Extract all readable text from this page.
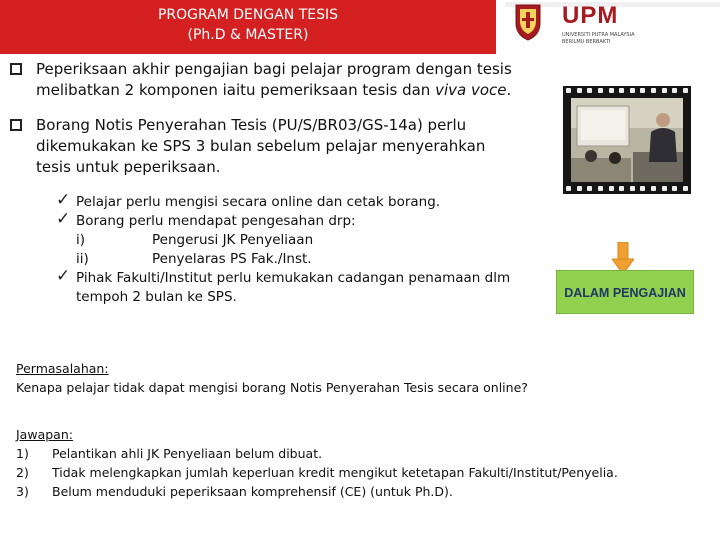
PROGRAM DENGAN TESIS
(Ph.D & MASTER)
UPM
UNIVERSITI PUTRA MALAYSIA
BERILMU BERBAKTI
Peperiksaan akhir pengajian bagi pelajar program dengan tesis
melibatkan 2 komponen iaitu pemeriksaan tesis dan viva voce.
Borang Notis Penyerahan Tesis (PU/S/BR03/GS-14a) perlu
dikemukakan ke SPS 3 bulan sebelum pelajar menyerahkan
tesis untuk peperiksaan.
✓ Pelajar perlu mengisi secara online dan cetak borang.
✓ Borang perlu mendapat pengesahan drp:
i)	Pengerusi JK Penyeliaan
ii)	Penyelaras PS Fak./Inst.
✓ Pihak Fakulti/Institut perlu kemukakan cadangan penamaan dlm
tempoh 2 bulan ke SPS.
PEPERIKSAAN TESIS &
VIVA VOCE
DALAM PENGAJIAN
Permasalahan:
Kenapa pelajar tidak dapat mengisi borang Notis Penyerahan Tesis secara online?
Jawapan:
1) Pelantikan ahli JK Penyeliaan belum dibuat.
2) Tidak melengkapkan jumlah keperluan kredit mengikut ketetapan Fakulti/Institut/Penyelia.
3) Belum menduduki peperiksaan komprehensif (CE) (untuk Ph.D).
